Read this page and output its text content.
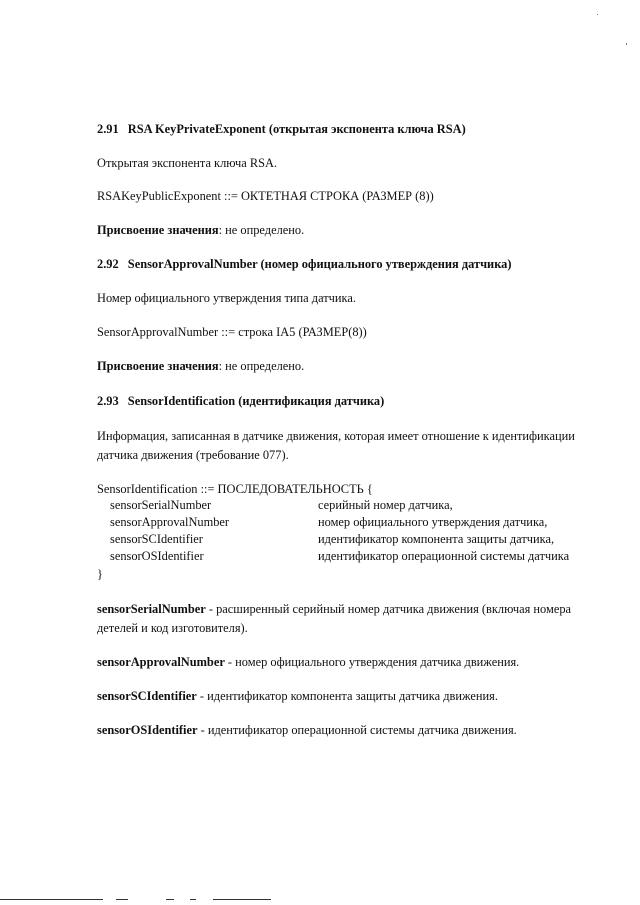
2.91 RSA KeyPrivateExponent (открытая экспонента ключа RSA)
Открытая экспонента ключа RSA.
RSAKeyPublicExponent ::= ОКТЕТНАЯ СТРОКА (РАЗМЕР (8))
Присвоение значения: не определено.
2.92 SensorApprovalNumber (номер официального утверждения датчика)
Номер официального утверждения типа датчика.
SensorApprovalNumber ::= строка IA5 (РАЗМЕР(8))
Присвоение значения: не определено.
2.93 SensorIdentification (идентификация датчика)
Информация, записанная в датчике движения, которая имеет отношение к идентификации
датчика движения (требование 077).
SensorIdentification ::= ПОСЛЕДОВАТЕЛЬНОСТЬ {
sensorSerialNumber	серийный номер датчика,
sensorApprovalNumber	номер официального утверждения датчика,
sensorSCIdentifier	идентификатор компонента защиты датчика,
sensorOSIdentifier	идентификатор операционной системы датчика
}
sensorSerialNumber - расширенный серийный номер датчика движения (включая номера
детелей и код изготовителя).
sensorApprovalNumber - номер официального утверждения датчика движения.
sensorSCIdentifier - идентификатор компонента защиты датчика движения.
sensorOSIdentifier - идентификатор операционной системы датчика движения.
